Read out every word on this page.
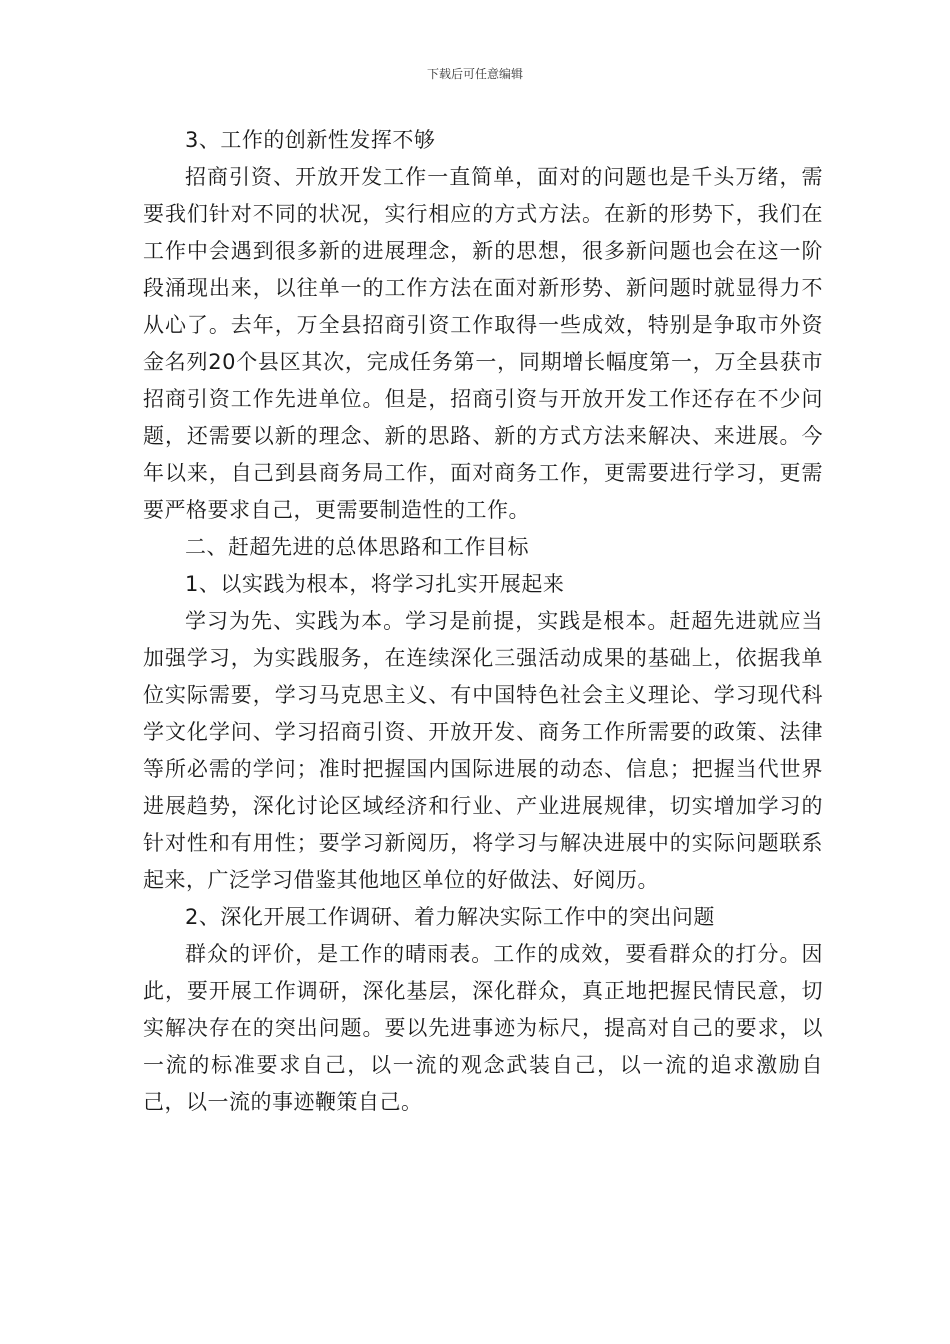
下载后可任意编辑

3、工作的创新性发挥不够

招商引资、开放开发工作一直简单，面对的问题也是千头万绪，需要我们针对不同的状况，实行相应的方式方法。在新的形势下，我们在工作中会遇到很多新的进展理念，新的思想，很多新问题也会在这一阶段涌现出来，以往单一的工作方法在面对新形势、新问题时就显得力不从心了。去年，万全县招商引资工作取得一些成效，特别是争取市外资金名列20个县区其次，完成任务第一，同期增长幅度第一，万全县获市招商引资工作先进单位。但是，招商引资与开放开发工作还存在不少问题，还需要以新的理念、新的思路、新的方式方法来解决、来进展。今年以来，自己到县商务局工作，面对商务工作，更需要进行学习，更需要严格要求自己，更需要制造性的工作。

二、赶超先进的总体思路和工作目标

1、以实践为根本，将学习扎实开展起来

学习为先、实践为本。学习是前提，实践是根本。赶超先进就应当加强学习，为实践服务，在连续深化三强活动成果的基础上，依据我单位实际需要，学习马克思主义、有中国特色社会主义理论、学习现代科学文化学问、学习招商引资、开放开发、商务工作所需要的政策、法律等所必需的学问；准时把握国内国际进展的动态、信息；把握当代世界进展趋势，深化讨论区域经济和行业、产业进展规律，切实增加学习的针对性和有用性；要学习新阅历，将学习与解决进展中的实际问题联系起来，广泛学习借鉴其他地区单位的好做法、好阅历。

2、深化开展工作调研、着力解决实际工作中的突出问题

群众的评价，是工作的晴雨表。工作的成效，要看群众的打分。因此，要开展工作调研，深化基层，深化群众，真正地把握民情民意，切实解决存在的突出问题。要以先进事迹为标尺，提高对自己的要求，以一流的标准要求自己，以一流的观念武装自己，以一流的追求激励自己，以一流的事迹鞭策自己。
